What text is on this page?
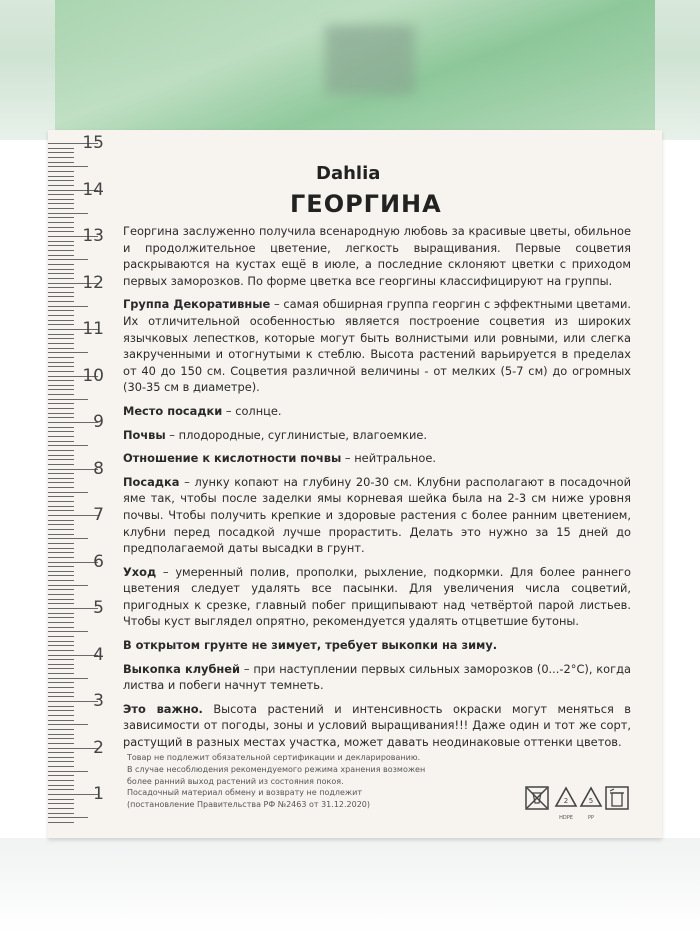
15
14
13
12
11
10
9
8
7
6
5
4
3
2
1
Dahlia
ГЕОРГИНА

Георгина заслуженно получила всенародную любовь за красивые цветы, обильное и продолжительное цветение, легкость выращивания. Первые соцветия раскрываются на кустах ещё в июле, а последние склоняют цветки с приходом первых заморозков. По форме цветка все георгины классифицируют на группы.

Группа Декоративные – самая обширная группа георгин с эффектными цветами. Их отличительной особенностью является построение соцветия из широких язычковых лепестков, которые могут быть волнистыми или ровными, или слегка закрученными и отогнутыми к стеблю. Высота растений варьируется в пределах от 40 до 150 см. Соцветия различной величины - от мелких (5-7 см) до огромных (30-35 см в диаметре).

Место посадки – солнце.

Почвы – плодородные, суглинистые, влагоемкие.

Отношение к кислотности почвы – нейтральное.

Посадка – лунку копают на глубину 20-30 см. Клубни располагают в посадочной яме так, чтобы после заделки ямы корневая шейка была на 2-3 см ниже уровня почвы. Чтобы получить крепкие и здоровые растения с более ранним цветением, клубни перед посадкой лучше прорастить. Делать это нужно за 15 дней до предполагаемой даты высадки в грунт.

Уход – умеренный полив, прополки, рыхление, подкормки. Для более раннего цветения следует удалять все пасынки. Для увеличения числа соцветий, пригодных к срезке, главный побег прищипывают над четвёртой парой листьев. Чтобы куст выглядел опрятно, рекомендуется удалять отцветшие бутоны.

В открытом грунте не зимует, требует выкопки на зиму.

Выкопка клубней – при наступлении первых сильных заморозков (0...-2°С), когда листва и побеги начнут темнеть.

Это важно. Высота растений и интенсивность окраски могут меняться в зависимости от погоды, зоны и условий выращивания!!! Даже один и тот же сорт, растущий в разных местах участка, может давать неодинаковые оттенки цветов.

Товар не подлежит обязательной сертификации и декларированию.
В случае несоблюдения рекомендуемого режима хранения возможен
более ранний выход растений из состояния покоя.
Посадочный материал обмену и возврату не подлежит
(постановление Правительства РФ №2463 от 31.12.2020)	2
HDPE
5
PP
